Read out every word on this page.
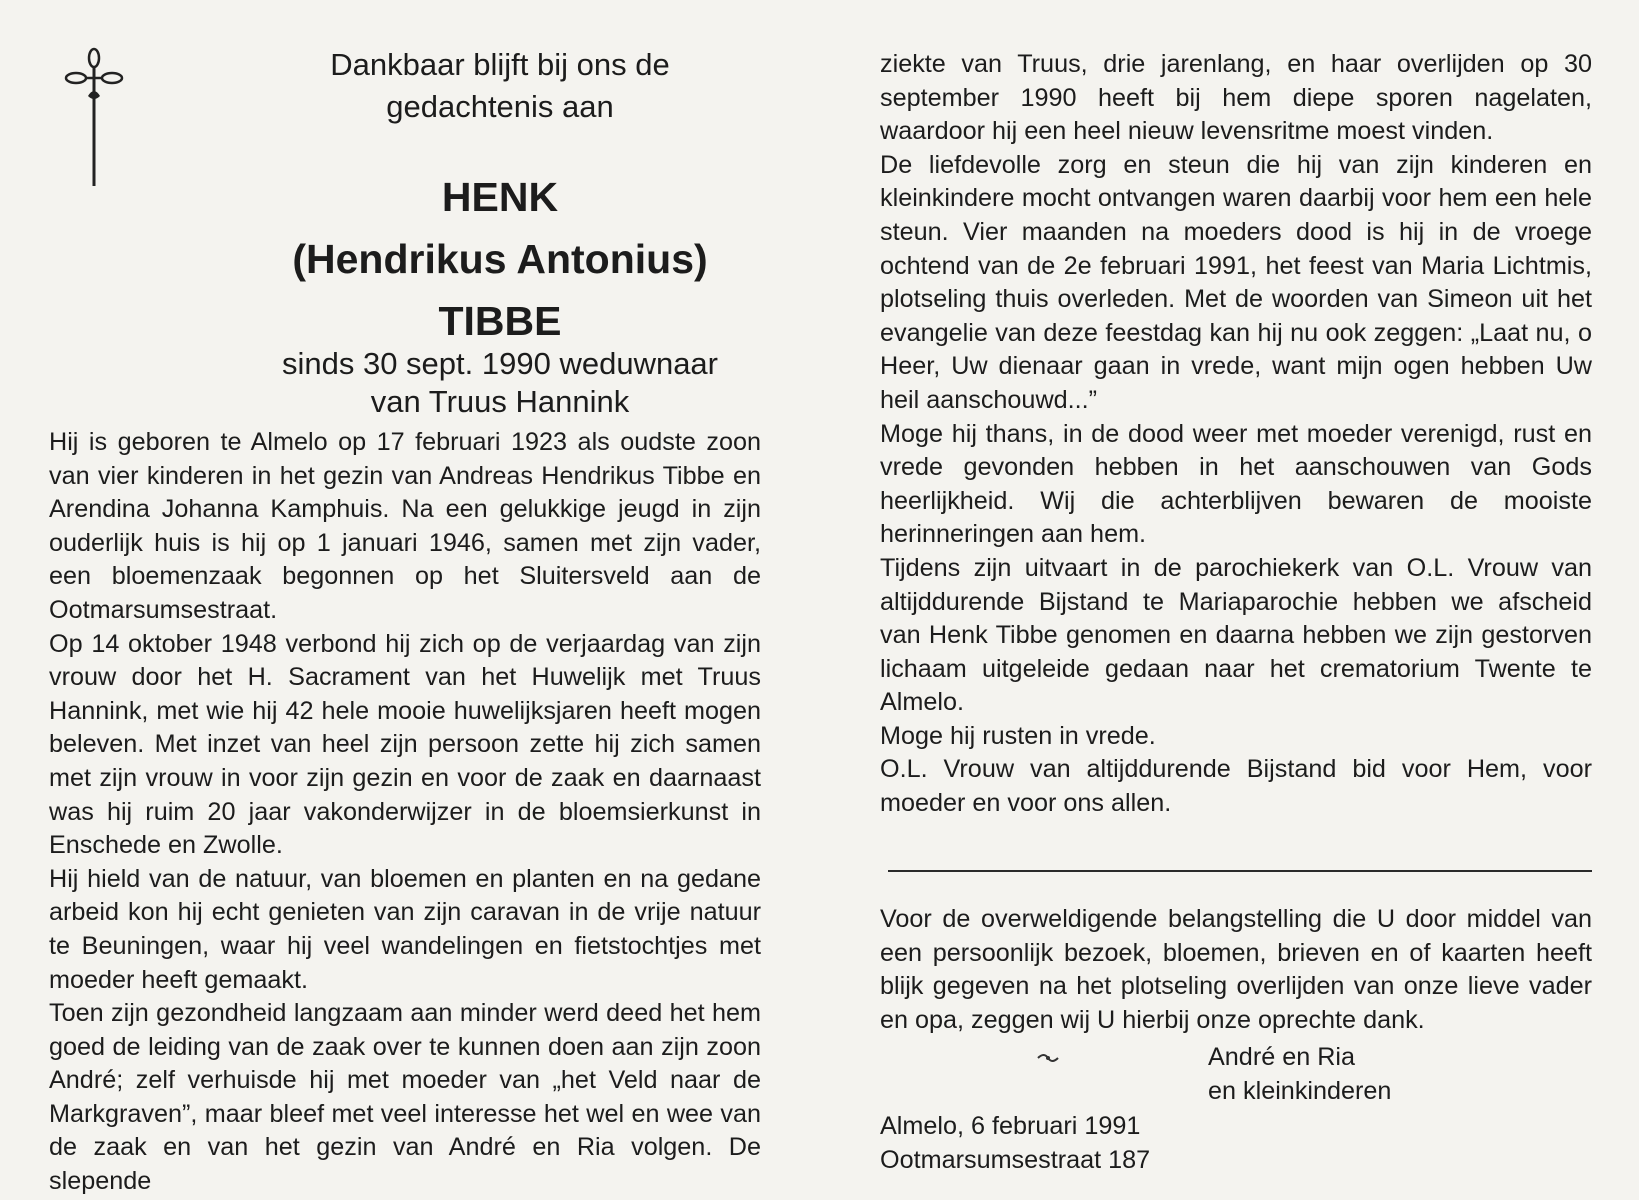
Dankbaar blijft bij ons de
gedachtenis aan
HENK
(Hendrikus Antonius)
TIBBE
sinds 30 sept. 1990 weduwnaar
van Truus Hannink

Hij is geboren te Almelo op 17 februari 1923 als oudste zoon van vier kinderen in het gezin van Andreas Hendrikus Tibbe en Arendina Johanna Kamphuis. Na een gelukkige jeugd in zijn ouderlijk huis is hij op 1 januari 1946, samen met zijn vader, een bloemenzaak begonnen op het Sluitersveld aan de Ootmarsumsestraat.

Op 14 oktober 1948 verbond hij zich op de verjaardag van zijn vrouw door het H. Sacrament van het Huwelijk met Truus Hannink, met wie hij 42 hele mooie huwelijksjaren heeft mogen beleven. Met inzet van heel zijn persoon zette hij zich samen met zijn vrouw in voor zijn gezin en voor de zaak en daarnaast was hij ruim 20 jaar vakonderwijzer in de bloemsierkunst in Enschede en Zwolle.

Hij hield van de natuur, van bloemen en planten en na gedane arbeid kon hij echt genieten van zijn caravan in de vrije natuur te Beuningen, waar hij veel wandelingen en fietstochtjes met moeder heeft gemaakt.

Toen zijn gezondheid langzaam aan minder werd deed het hem goed de leiding van de zaak over te kunnen doen aan zijn zoon André; zelf verhuisde hij met moeder van „het Veld naar de Markgraven”, maar bleef met veel interesse het wel en wee van de zaak en van het gezin van André en Ria volgen. De slepende

ziekte van Truus, drie jarenlang, en haar overlijden op 30 september 1990 heeft bij hem diepe sporen nagelaten, waardoor hij een heel nieuw levensritme moest vinden.

De liefdevolle zorg en steun die hij van zijn kinderen en kleinkindere mocht ontvangen waren daarbij voor hem een hele steun. Vier maanden na moeders dood is hij in de vroege ochtend van de 2e februari 1991, het feest van Maria Lichtmis, plotseling thuis overleden. Met de woorden van Simeon uit het evangelie van deze feestdag kan hij nu ook zeggen: „Laat nu, o Heer, Uw dienaar gaan in vrede, want mijn ogen hebben Uw heil aanschouwd...”

Moge hij thans, in de dood weer met moeder verenigd, rust en vrede gevonden hebben in het aanschouwen van Gods heerlijkheid. Wij die achterblijven bewaren de mooiste herinneringen aan hem.

Tijdens zijn uitvaart in de parochiekerk van O.L. Vrouw van altijddurende Bijstand te Mariaparochie hebben we afscheid van Henk Tibbe genomen en daarna hebben we zijn gestorven lichaam uitgeleide gedaan naar het crematorium Twente te Almelo.

Moge hij rusten in vrede.

O.L. Vrouw van altijddurende Bijstand bid voor Hem, voor moeder en voor ons allen.

Voor de overweldigende belangstelling die U door middel van een persoonlijk bezoek, bloemen, brieven en of kaarten heeft blijk gegeven na het plotseling overlijden van onze lieve vader en opa, zeggen wij U hierbij onze oprechte dank.

André en Ria
en kleinkinderen
Almelo, 6 februari 1991
Ootmarsumsestraat 187
